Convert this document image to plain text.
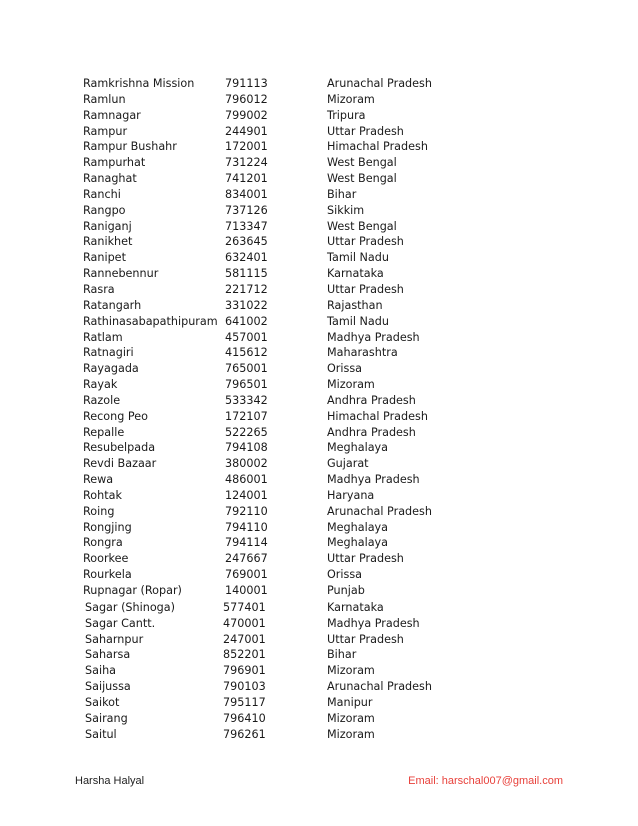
Ramkrishna Mission	791113	Arunachal Pradesh
Ramlun	796012	Mizoram
Ramnagar	799002	Tripura
Rampur	244901	Uttar Pradesh
Rampur Bushahr	172001	Himachal Pradesh
Rampurhat	731224	West Bengal
Ranaghat	741201	West Bengal
Ranchi	834001	Bihar
Rangpo	737126	Sikkim
Raniganj	713347	West Bengal
Ranikhet	263645	Uttar Pradesh
Ranipet	632401	Tamil Nadu
Rannebennur	581115	Karnataka
Rasra	221712	Uttar Pradesh
Ratangarh	331022	Rajasthan
Rathinasabapathipuram 641002	Tamil Nadu
Ratlam	457001	Madhya Pradesh
Ratnagiri	415612	Maharashtra
Rayagada	765001	Orissa
Rayak	796501	Mizoram
Razole	533342	Andhra Pradesh
Recong Peo	172107	Himachal Pradesh
Repalle	522265	Andhra Pradesh
Resubelpada	794108	Meghalaya
Revdi Bazaar	380002	Gujarat
Rewa	486001	Madhya Pradesh
Rohtak	124001	Haryana
Roing	792110	Arunachal Pradesh
Rongjing	794110	Meghalaya
Rongra	794114	Meghalaya
Roorkee	247667	Uttar Pradesh
Rourkela	769001	Orissa
Rupnagar (Ropar)	140001	Punjab
Sagar (Shinoga)	577401	Karnataka
Sagar Cantt.	470001	Madhya Pradesh
Saharnpur	247001	Uttar Pradesh
Saharsa	852201	Bihar
Saiha	796901	Mizoram
Saijussa	790103	Arunachal Pradesh
Saikot	795117	Manipur
Sairang	796410	Mizoram
Saitul	796261	Mizoram
Harsha Halyal	Email: harschal007@gmail.com
